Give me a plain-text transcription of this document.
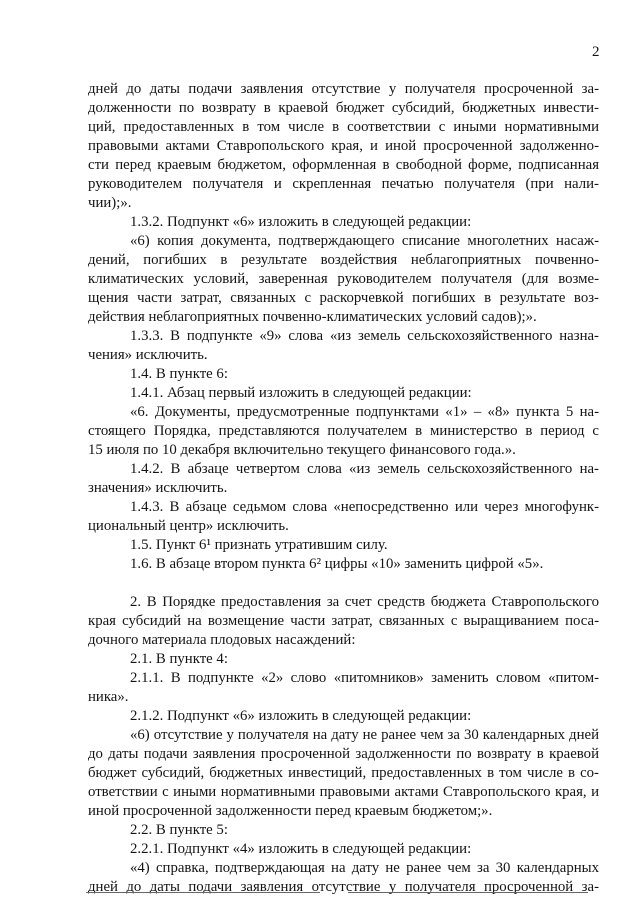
2
дней до даты подачи заявления отсутствие у получателя просроченной за-
долженности по возврату в краевой бюджет субсидий, бюджетных инвести-
ций, предоставленных в том числе в соответствии с иными нормативными
правовыми актами Ставропольского края, и иной просроченной задолженно-
сти перед краевым бюджетом, оформленная в свободной форме, подписанная
руководителем получателя и скрепленная печатью получателя (при нали-
чии);».
1.3.2. Подпункт «6» изложить в следующей редакции:
«6) копия документа, подтверждающего списание многолетних насаж-
дений, погибших в результате воздействия неблагоприятных почвенно-
климатических условий, заверенная руководителем получателя (для возме-
щения части затрат, связанных с раскорчевкой погибших в результате воз-
действия неблагоприятных почвенно-климатических условий садов);».
1.3.3. В подпункте «9» слова «из земель сельскохозяйственного назна-
чения» исключить.
1.4. В пункте 6:
1.4.1. Абзац первый изложить в следующей редакции:
«6. Документы, предусмотренные подпунктами «1» – «8» пункта 5 на-
стоящего Порядка, представляются получателем в министерство в период с
15 июля по 10 декабря включительно текущего финансового года.».
1.4.2. В абзаце четвертом слова «из земель сельскохозяйственного на-
значения» исключить.
1.4.3. В абзаце седьмом слова «непосредственно или через многофунк-
циональный центр» исключить.
1.5. Пункт 6¹ признать утратившим силу.
1.6. В абзаце втором пункта 6² цифры «10» заменить цифрой «5».
2. В Порядке предоставления за счет средств бюджета Ставропольского
края субсидий на возмещение части затрат, связанных с выращиванием поса-
дочного материала плодовых насаждений:
2.1. В пункте 4:
2.1.1. В подпункте «2» слово «питомников» заменить словом «питом-
ника».
2.1.2. Подпункт «6» изложить в следующей редакции:
«6) отсутствие у получателя на дату не ранее чем за 30 календарных дней
до даты подачи заявления просроченной задолженности по возврату в краевой
бюджет субсидий, бюджетных инвестиций, предоставленных в том числе в со-
ответствии с иными нормативными правовыми актами Ставропольского края, и
иной просроченной задолженности перед краевым бюджетом;».
2.2. В пункте 5:
2.2.1. Подпункт «4» изложить в следующей редакции:
«4) справка, подтверждающая на дату не ранее чем за 30 календарных
дней до даты подачи заявления отсутствие у получателя просроченной за-
